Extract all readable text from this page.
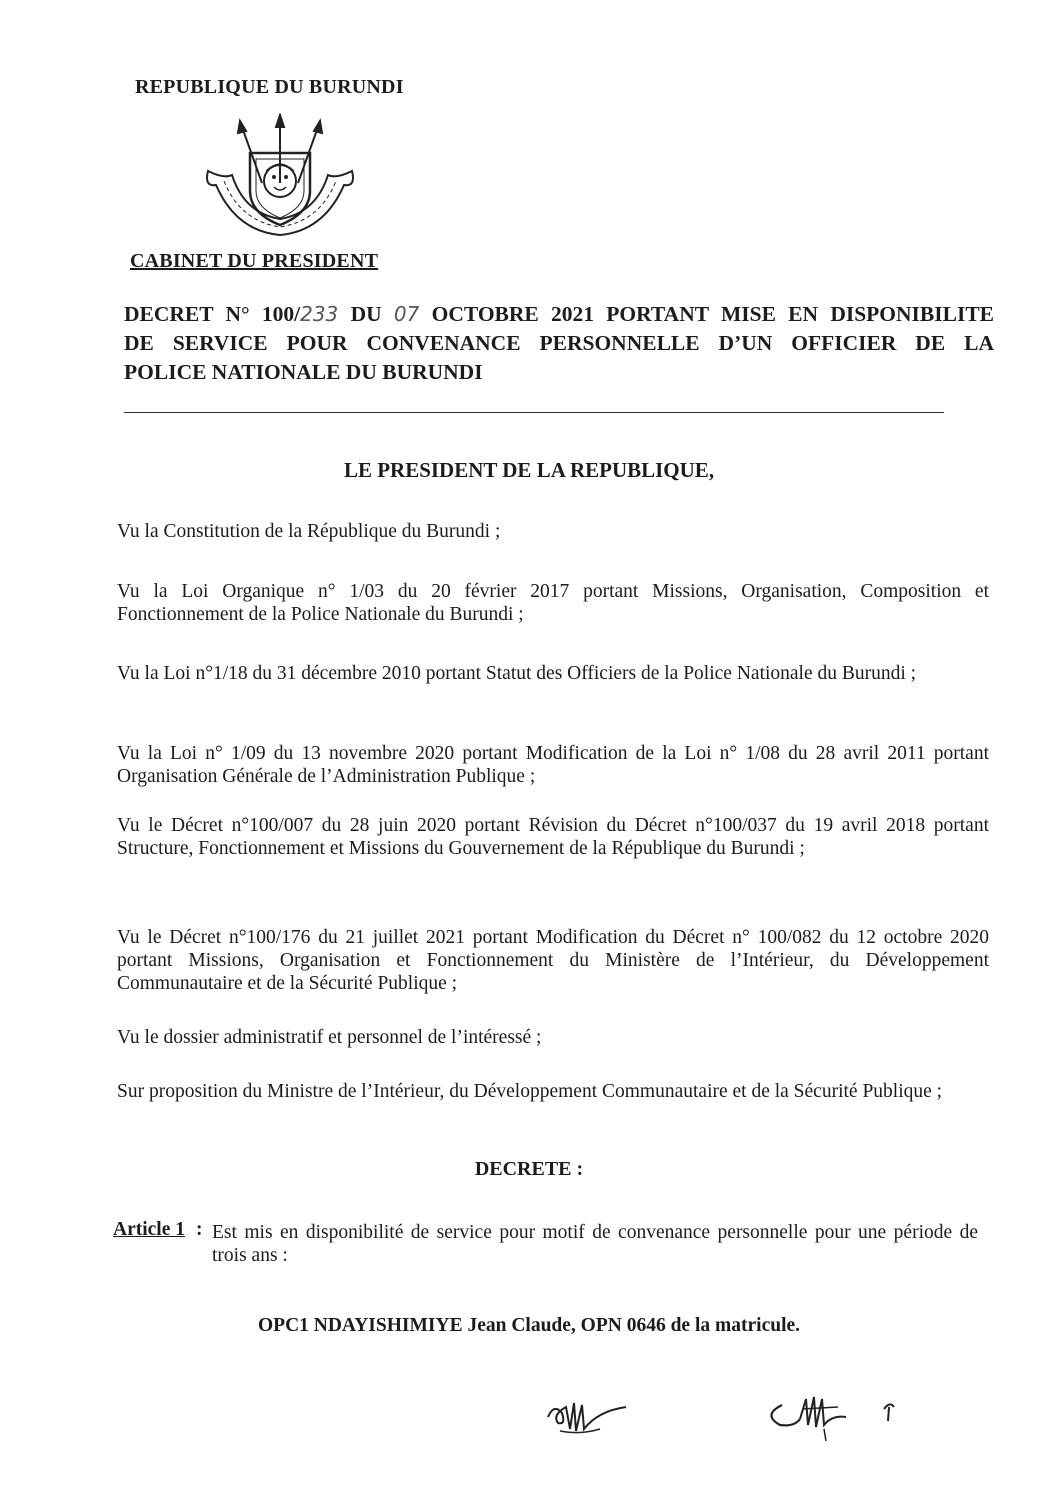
REPUBLIQUE DU BURUNDI
CABINET DU PRESIDENT
DECRET N° 100/233 DU 07 OCTOBRE 2021 PORTANT MISE EN DISPONIBILITE
DE SERVICE POUR CONVENANCE PERSONNELLE D’UN OFFICIER DE LA
POLICE NATIONALE DU BURUNDI
LE PRESIDENT DE LA REPUBLIQUE,
Vu la Constitution de la République du Burundi ;
Vu la Loi Organique n° 1/03 du 20 février 2017 portant Missions, Organisation, Composition et Fonctionnement de la Police Nationale du Burundi ;
Vu la Loi n°1/18 du 31 décembre 2010 portant Statut des Officiers de la Police Nationale du Burundi ;
Vu la Loi n° 1/09 du 13 novembre 2020 portant Modification de la Loi n° 1/08 du 28 avril 2011 portant Organisation Générale de l’Administration Publique ;
Vu le Décret n°100/007 du 28 juin 2020 portant Révision du Décret n°100/037 du 19 avril 2018 portant Structure, Fonctionnement et Missions du Gouvernement de la République du Burundi ;
Vu le Décret n°100/176 du 21 juillet 2021 portant Modification du Décret n° 100/082 du 12 octobre 2020 portant Missions, Organisation et Fonctionnement du Ministère de l’Intérieur, du Développement Communautaire et de la Sécurité Publique ;
Vu le dossier administratif et personnel de l’intéressé ;
Sur proposition du Ministre de l’Intérieur, du Développement Communautaire et de la Sécurité Publique ;
DECRETE :
Article 1 : Est mis en disponibilité de service pour motif de convenance personnelle pour une période de trois ans :
OPC1 NDAYISHIMIYE Jean Claude, OPN 0646 de la matricule.
